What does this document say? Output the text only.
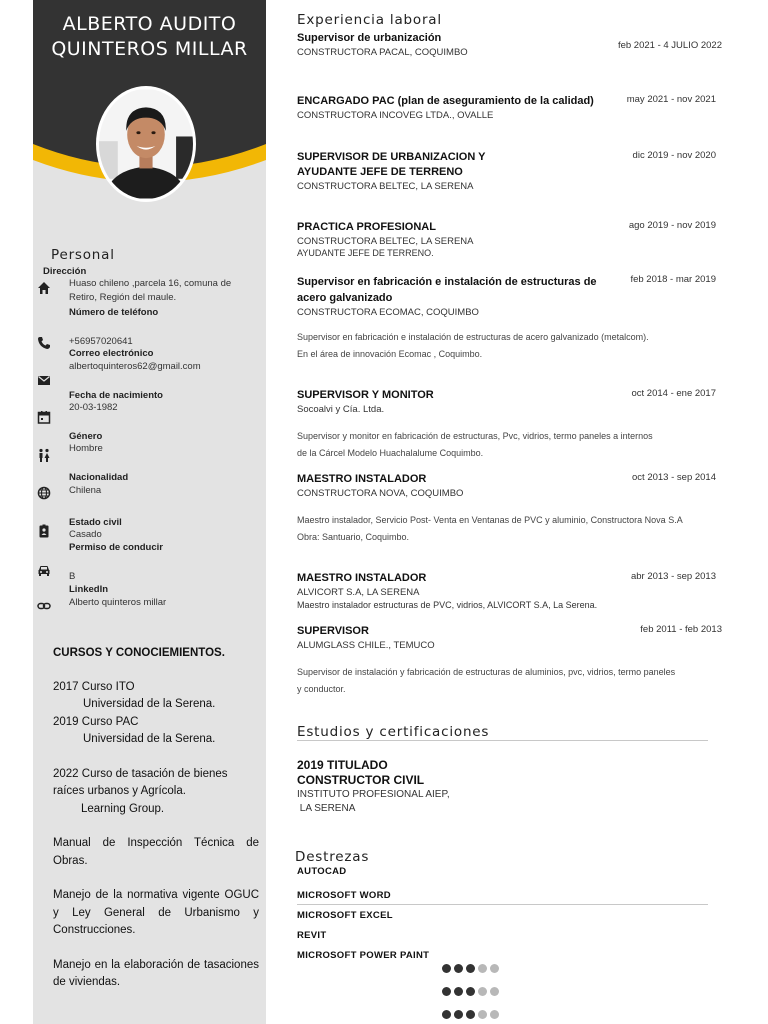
ALBERTO AUDITO
QUINTEROS MILLAR
Personal
Dirección
Huaso chileno ,parcela 16, comuna de
Retiro, Región del maule.
Número de teléfono
+56957020641
Correo electrónico
albertoquinteros62@gmail.com
Fecha de nacimiento
20-03-1982
Género
Hombre
Nacionalidad
Chilena
Estado civil
Casado
Permiso de conducir
B
LinkedIn
Alberto quinteros millar
CURSOS Y CONOCIEMIENTOS.
2017 Curso ITO
Universidad de la Serena.
2019 Curso PAC
Universidad de la Serena.
2022 Curso de tasación de bienes raíces urbanos y Agrícola.
Learning Group.
Manual de Inspección Técnica de Obras.
Manejo de la normativa vigente OGUC y Ley General de Urbanismo y Construcciones.
Manejo en la elaboración de tasaciones de viviendas.
Experiencia laboral
Supervisor de urbanización
CONSTRUCTORA PACAL, COQUIMBO
feb 2021 - 4 JULIO 2022
ENCARGADO PAC (plan de aseguramiento de la calidad)
CONSTRUCTORA INCOVEG LTDA., OVALLE
may 2021 - nov 2021
SUPERVISOR DE URBANIZACION Y
AYUDANTE JEFE DE TERRENO
CONSTRUCTORA BELTEC, LA SERENA
dic 2019 - nov 2020
PRACTICA PROFESIONAL
CONSTRUCTORA BELTEC, LA SERENA
AYUDANTE JEFE DE TERRENO.
ago 2019 - nov 2019
Supervisor en fabricación e instalación de estructuras de
acero galvanizado
CONSTRUCTORA ECOMAC, COQUIMBO
Supervisor en fabricación e instalación de estructuras de acero galvanizado (metalcom).
En el área de innovación Ecomac , Coquimbo.
feb 2018 - mar 2019
SUPERVISOR Y MONITOR
Socoalvi y Cía. Ltda.
Supervisor y monitor en fabricación de estructuras, Pvc, vidrios, termo paneles a internos
de la Cárcel Modelo Huachalalume Coquimbo.
oct 2014 - ene 2017
MAESTRO INSTALADOR
CONSTRUCTORA NOVA, COQUIMBO
Maestro instalador, Servicio Post- Venta en Ventanas de PVC y aluminio, Constructora Nova S.A
Obra: Santuario, Coquimbo.
oct 2013 - sep 2014
MAESTRO INSTALADOR
ALVICORT S.A, LA SERENA
Maestro instalador estructuras de PVC, vidrios, ALVICORT S.A, La Serena.
abr 2013 - sep 2013
SUPERVISOR
ALUMGLASS CHILE., TEMUCO
Supervisor de instalación y fabricación de estructuras de aluminios, pvc, vidrios, termo paneles
y conductor.
feb 2011 - feb 2013
Estudios y certificaciones
2019 TITULADO
CONSTRUCTOR CIVIL
INSTITUTO PROFESIONAL AIEP,
LA SERENA
Destrezas
AUTOCAD
MICROSOFT WORD
MICROSOFT EXCEL
REVIT
MICROSOFT POWER PAINT
